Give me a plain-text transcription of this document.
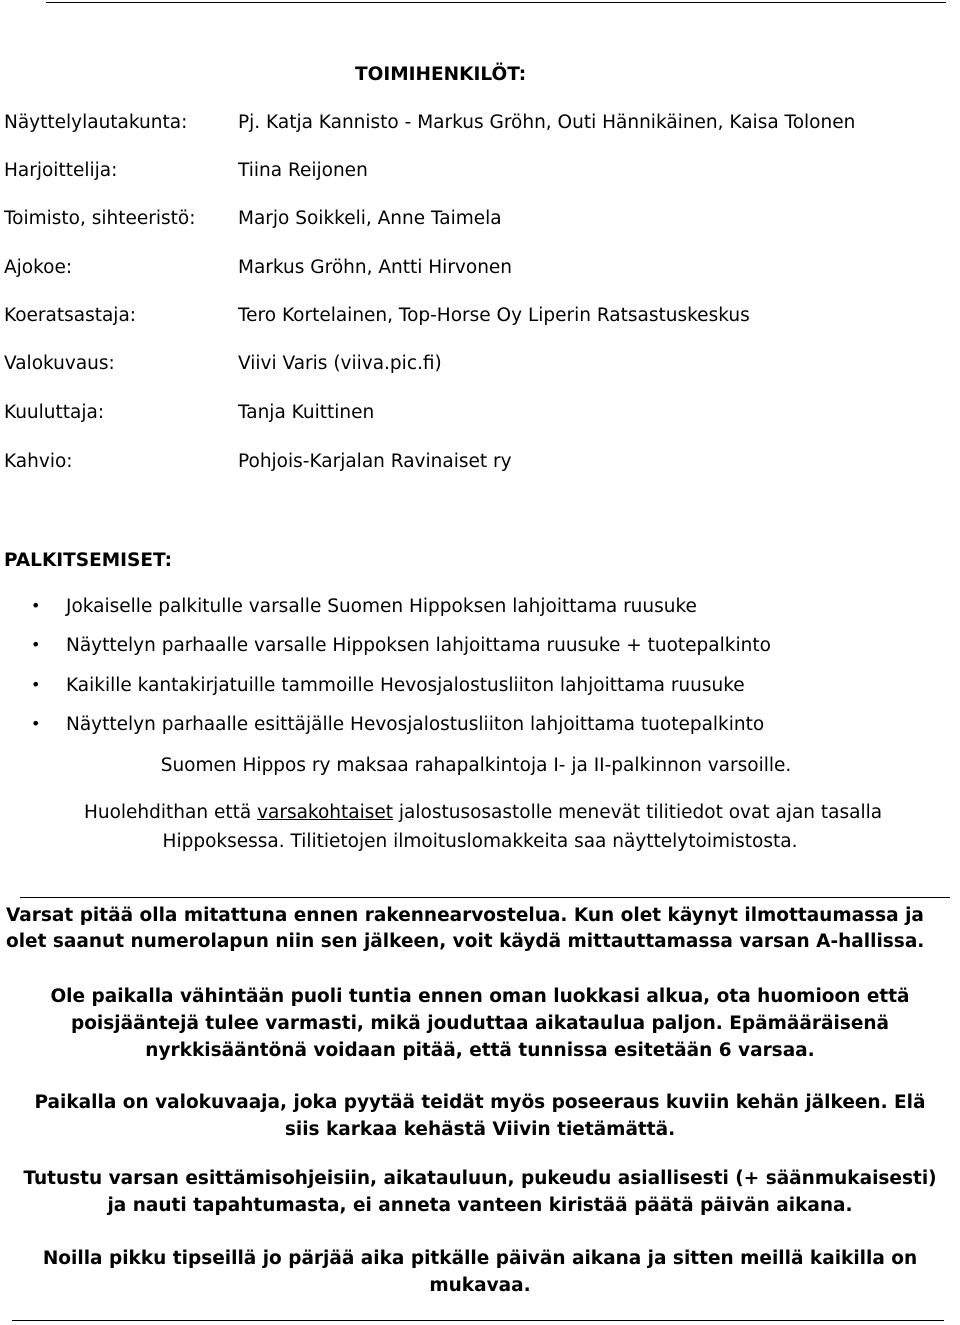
TOIMIHENKILÖT:
Näyttelylautakunta:	Pj. Katja Kannisto - Markus Gröhn, Outi Hännikäinen, Kaisa Tolonen
Harjoittelija:	Tiina Reijonen
Toimisto, sihteeristö: Marjo Soikkeli, Anne Taimela
Ajokoe:	Markus Gröhn, Antti Hirvonen
Koeratsastaja:	Tero Kortelainen, Top-Horse Oy Liperin Ratsastuskeskus
Valokuvaus:	Viivi Varis (viiva.pic.fi)
Kuuluttaja:	Tanja Kuittinen
Kahvio:	Pohjois-Karjalan Ravinaiset ry
PALKITSEMISET:
• Jokaiselle palkitulle varsalle Suomen Hippoksen lahjoittama ruusuke
• Näyttelyn parhaalle varsalle Hippoksen lahjoittama ruusuke + tuotepalkinto
• Kaikille kantakirjatuille tammoille Hevosjalostusliiton lahjoittama ruusuke
• Näyttelyn parhaalle esittäjälle Hevosjalostusliiton lahjoittama tuotepalkinto
Suomen Hippos ry maksaa rahapalkintoja I- ja II-palkinnon varsoille.
Huolehdithan että varsakohtaiset jalostusosastolle menevät tilitiedot ovat ajan tasalla
Hippoksessa. Tilitietojen ilmoituslomakkeita saa näyttelytoimistosta.
Varsat pitää olla mitattuna ennen rakennearvostelua. Kun olet käynyt ilmottaumassa ja
olet saanut numerolapun niin sen jälkeen, voit käydä mittauttamassa varsan A-hallissa.
Ole paikalla vähintään puoli tuntia ennen oman luokkasi alkua, ota huomioon että
poisjääntejä tulee varmasti, mikä jouduttaa aikataulua paljon. Epämääräisenä
nyrkkisääntönä voidaan pitää, että tunnissa esitetään 6 varsaa.
Paikalla on valokuvaaja, joka pyytää teidät myös poseeraus kuviin kehän jälkeen. Elä
siis karkaa kehästä Viivin tietämättä.
Tutustu varsan esittämisohjeisiin, aikatauluun, pukeudu asiallisesti (+ säänmukaisesti)
ja nauti tapahtumasta, ei anneta vanteen kiristää päätä päivän aikana.
Noilla pikku tipseillä jo pärjää aika pitkälle päivän aikana ja sitten meillä kaikilla on
mukavaa.
